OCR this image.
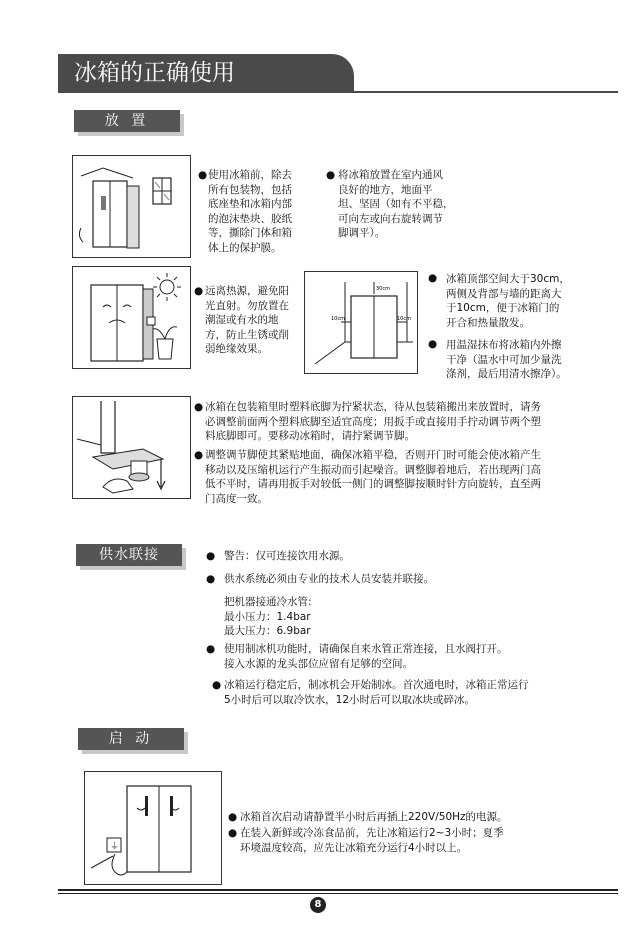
冰箱的正确使用
放 置
● 使用冰箱前，除去
所有包装物，包括
底座垫和冰箱内部
的泡沫垫块、胶纸
等，撕除门体和箱
体上的保护膜。
● 将冰箱放置在室内通风
良好的地方，地面平
坦、坚固（如有不平稳，
可向左或向右旋转调节
脚调平）。
● 远离热源，避免阳
光直射。勿放置在
潮湿或有水的地
方，防止生锈或削
弱绝缘效果。
30cm
10cm	10cm
● 冰箱顶部空间大于30cm，
两侧及背部与墙的距离大
于10cm，便于冰箱门的
开合和热量散发。
● 用温湿抹布将冰箱内外擦
干净（温水中可加少量洗
涤剂，最后用清水擦净）。
● 冰箱在包装箱里时塑料底脚为拧紧状态，待从包装箱搬出来放置时，请务
必调整前面两个塑料底脚至适宜高度；用扳手或直接用手拧动调节两个塑
料底脚即可。要移动冰箱时，请拧紧调节脚。
● 调整调节脚使其紧贴地面，确保冰箱平稳，否则开门时可能会使冰箱产生
移动以及压缩机运行产生振动而引起噪音。调整脚着地后，若出现两门高
低不平时，请再用扳手对较低一侧门的调整脚按顺时针方向旋转，直至两
门高度一致。
供水联接	● 警告：仅可连接饮用水源。
● 供水系统必须由专业的技术人员安装并联接。
把机器接通冷水管:
最小压力：1.4bar
最大压力：6.9bar
● 使用制冰机功能时，请确保自来水管正常连接，且水阀打开。
接入水源的龙头部位应留有足够的空间。
● 冰箱运行稳定后，制冰机会开始制冰。首次通电时，冰箱正常运行
5小时后可以取冷饮水，12小时后可以取冰块或碎冰。
启 动
⏚
● 冰箱首次启动请静置半小时后再插上220V/50Hz的电源。
● 在装入新鲜或冷冻食品前，先让冰箱运行2~3小时；夏季
环境温度较高，应先让冰箱充分运行4小时以上。
8
